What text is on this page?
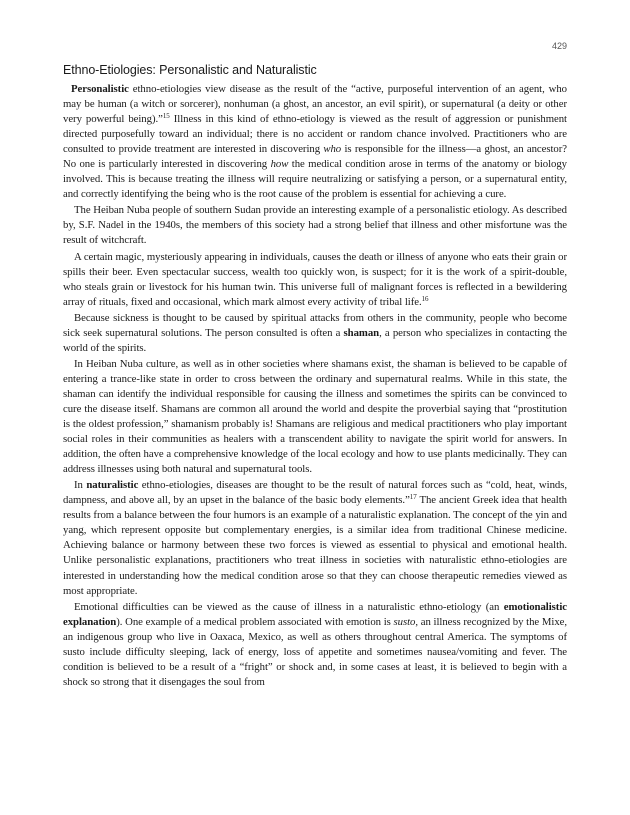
429
Ethno-Etiologies: Personalistic and Naturalistic

Personalistic ethno-etiologies view disease as the result of the “active, purposeful intervention of an agent, who may be human (a witch or sorcerer), nonhuman (a ghost, an ancestor, an evil spirit), or supernatural (a deity or other very powerful being).”$^{15}$ Illness in this kind of ethno-etiology is viewed as the result of aggression or punishment directed purposefully toward an individual; there is no accident or random chance involved. Practitioners who are consulted to provide treatment are interested in discovering who is responsible for the illness—a ghost, an ancestor? No one is particularly interested in discovering how the medical condition arose in terms of the anatomy or biology involved. This is because treating the illness will require neutralizing or satisfying a person, or a supernatural entity, and correctly identifying the being who is the root cause of the problem is essential for achieving a cure.

The Heiban Nuba people of southern Sudan provide an interesting example of a personalistic etiology. As described by, S.F. Nadel in the 1940s, the members of this society had a strong belief that illness and other misfortune was the result of witchcraft.

A certain magic, mysteriously appearing in individuals, causes the death or illness of anyone who eats their grain or spills their beer. Even spectacular success, wealth too quickly won, is suspect; for it is the work of a spirit-double, who steals grain or livestock for his human twin. This universe full of malignant forces is reflected in a bewildering array of rituals, fixed and occasional, which mark almost every activity of tribal life.$^{16}$

Because sickness is thought to be caused by spiritual attacks from others in the community, people who become sick seek supernatural solutions. The person consulted is often a shaman, a person who specializes in contacting the world of the spirits.

In Heiban Nuba culture, as well as in other societies where shamans exist, the shaman is believed to be capable of entering a trance-like state in order to cross between the ordinary and supernatural realms. While in this state, the shaman can identify the individual responsible for causing the illness and sometimes the spirits can be convinced to cure the disease itself. Shamans are common all around the world and despite the proverbial saying that “prostitution is the oldest profession,” shamanism probably is! Shamans are religious and medical practitioners who play important social roles in their communities as healers with a transcendent ability to navigate the spirit world for answers. In addition, the often have a comprehensive knowledge of the local ecology and how to use plants medicinally. They can address illnesses using both natural and supernatural tools.

In naturalistic ethno-etiologies, diseases are thought to be the result of natural forces such as “cold, heat, winds, dampness, and above all, by an upset in the balance of the basic body elements.”$^{17}$ The ancient Greek idea that health results from a balance between the four humors is an example of a naturalistic explanation. The concept of the yin and yang, which represent opposite but complementary energies, is a similar idea from traditional Chinese medicine. Achieving balance or harmony between these two forces is viewed as essential to physical and emotional health. Unlike personalistic explanations, practitioners who treat illness in societies with naturalistic ethno-etiologies are interested in understanding how the medical condition arose so that they can choose therapeutic remedies viewed as most appropriate.

Emotional difficulties can be viewed as the cause of illness in a naturalistic ethno-etiology (an emotionalistic explanation). One example of a medical problem associated with emotion is susto, an illness recognized by the Mixe, an indigenous group who live in Oaxaca, Mexico, as well as others throughout central America. The symptoms of susto include difficulty sleeping, lack of energy, loss of appetite and sometimes nausea/vomiting and fever. The condition is believed to be a result of a “fright” or shock and, in some cases at least, it is believed to begin with a shock so strong that it disengages the soul from
